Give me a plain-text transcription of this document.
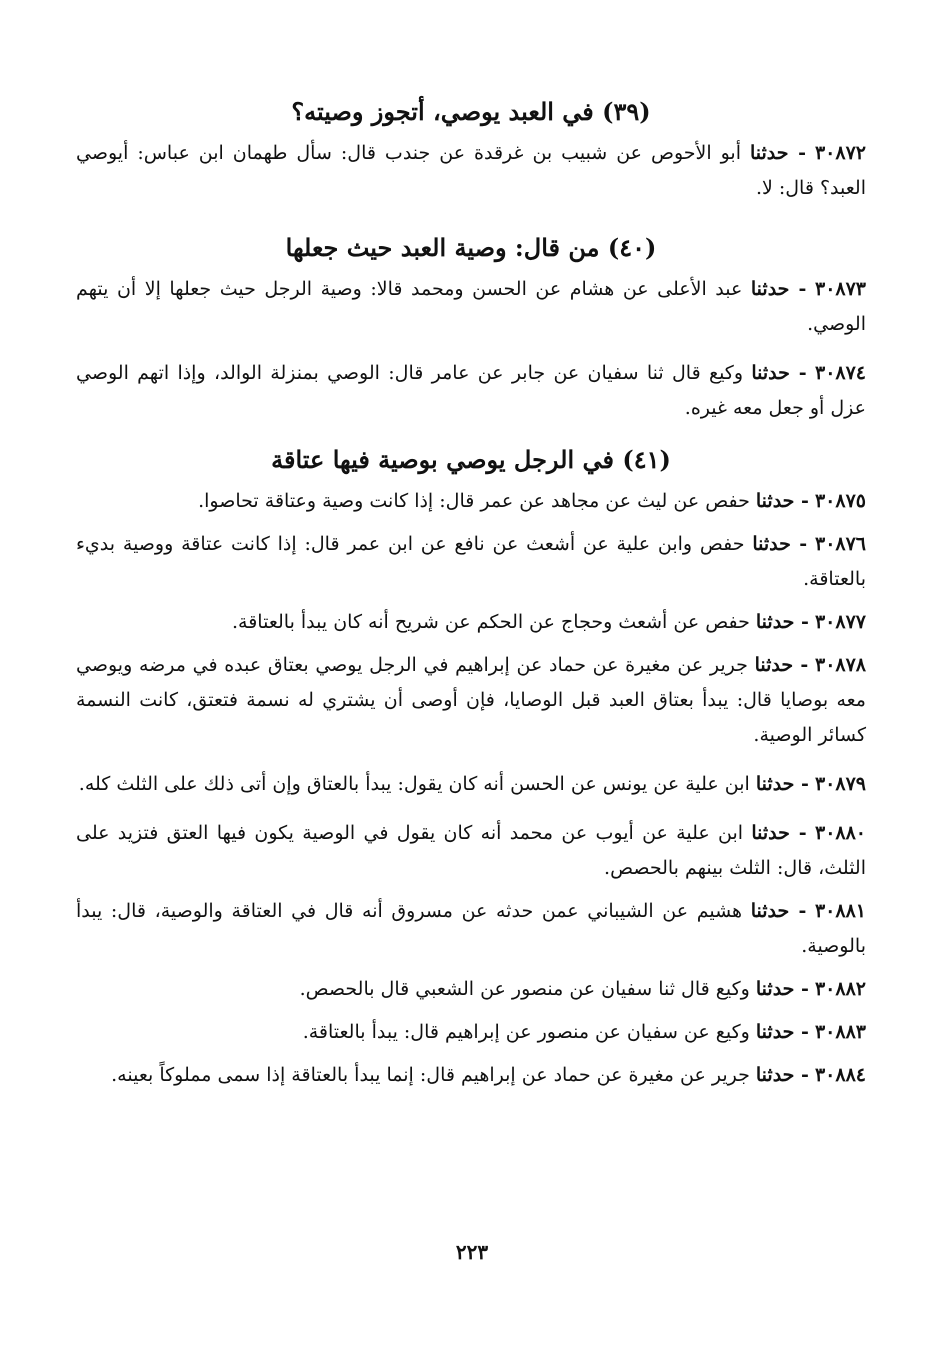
(٣٩) في العبد يوصي، أتجوز وصيته؟

٣٠٨٧٢ - حدثنا أبو الأحوص عن شبيب بن غرقدة عن جندب قال: سأل طهمان ابن عباس: أيوصي العبد؟ قال: لا.

(٤٠) من قال: وصية العبد حيث جعلها

٣٠٨٧٣ - حدثنا عبد الأعلى عن هشام عن الحسن ومحمد قالا: وصية الرجل حيث جعلها إلا أن يتهم الوصي.

٣٠٨٧٤ - حدثنا وكيع قال ثنا سفيان عن جابر عن عامر قال: الوصي بمنزلة الوالد، وإذا اتهم الوصي عزل أو جعل معه غيره.

(٤١) في الرجل يوصي بوصية فيها عتاقة

٣٠٨٧٥ - حدثنا حفص عن ليث عن مجاهد عن عمر قال: إذا كانت وصية وعتاقة تحاصوا.

٣٠٨٧٦ - حدثنا حفص وابن علية عن أشعث عن نافع عن ابن عمر قال: إذا كانت عتاقة ووصية بديء بالعتاقة.

٣٠٨٧٧ - حدثنا حفص عن أشعث وحجاج عن الحكم عن شريح أنه كان يبدأ بالعتاقة.

٣٠٨٧٨ - حدثنا جرير عن مغيرة عن حماد عن إبراهيم في الرجل يوصي بعتاق عبده في مرضه ويوصي معه بوصايا قال: يبدأ بعتاق العبد قبل الوصايا، فإن أوصى أن يشتري له نسمة فتعتق، كانت النسمة كسائر الوصية.

٣٠٨٧٩ - حدثنا ابن علية عن يونس عن الحسن أنه كان يقول: يبدأ بالعتاق وإن أتى ذلك على الثلث كله.

٣٠٨٨٠ - حدثنا ابن علية عن أيوب عن محمد أنه كان يقول في الوصية يكون فيها العتق فتزيد على الثلث، قال: الثلث بينهم بالحصص.

٣٠٨٨١ - حدثنا هشيم عن الشيباني عمن حدثه عن مسروق أنه قال في العتاقة والوصية، قال: يبدأ بالوصية.

٣٠٨٨٢ - حدثنا وكيع قال ثنا سفيان عن منصور عن الشعبي قال بالحصص.

٣٠٨٨٣ - حدثنا وكيع عن سفيان عن منصور عن إبراهيم قال: يبدأ بالعتاقة.

٣٠٨٨٤ - حدثنا جرير عن مغيرة عن حماد عن إبراهيم قال: إنما يبدأ بالعتاقة إذا سمى مملوكاً بعينه.

٢٢٣
